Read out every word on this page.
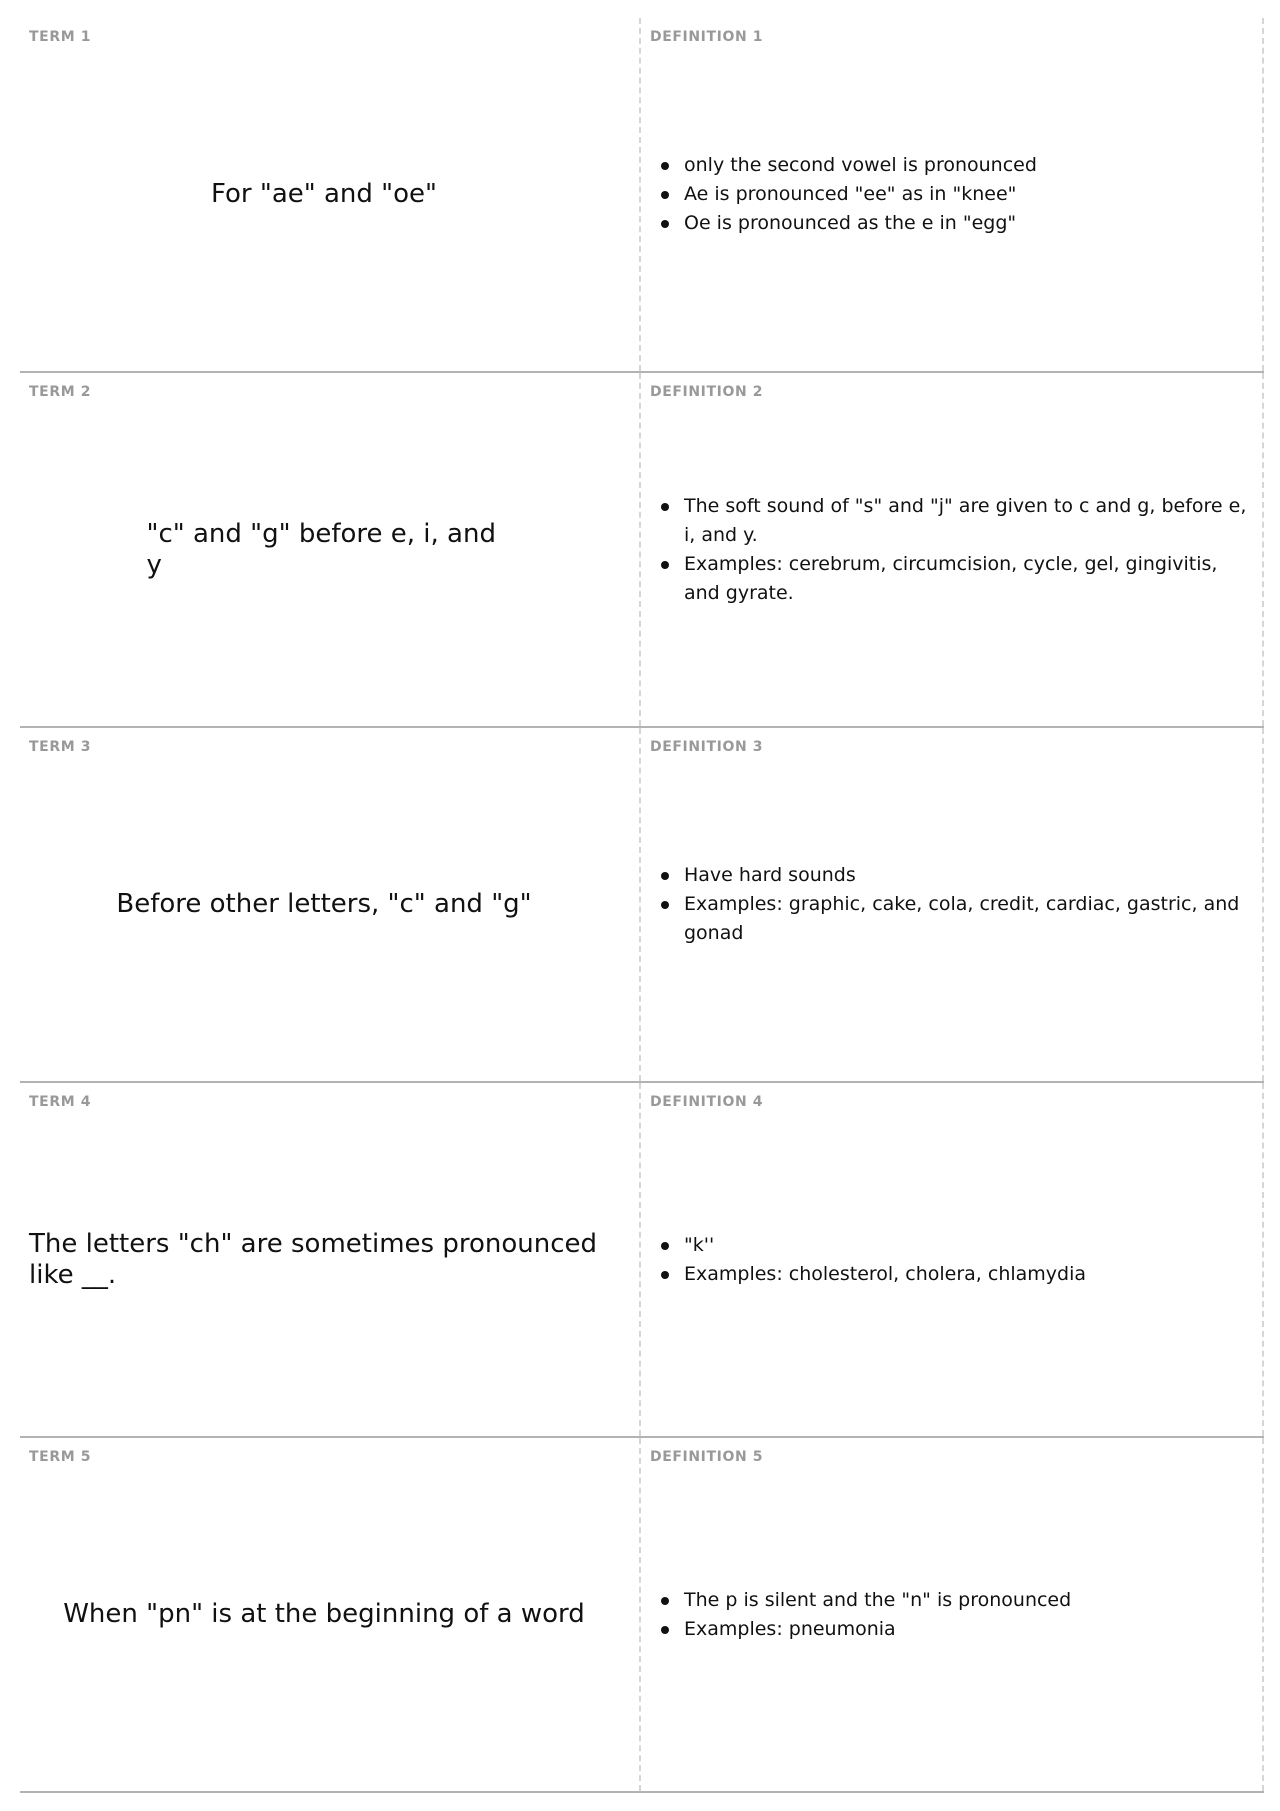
TERM 1
For "ae" and "oe"
DEFINITION 1
only the second vowel is pronounced
Ae is pronounced "ee" as in "knee"
Oe is pronounced as the e in "egg"
TERM 2
"c" and "g" before e, i, and y
DEFINITION 2
The soft sound of "s" and "j" are given to c and g, before e, i, and y.
Examples: cerebrum, circumcision, cycle, gel, gingivitis, and gyrate.
TERM 3
Before other letters, "c" and "g"
DEFINITION 3
Have hard sounds
Examples: graphic, cake, cola, credit, cardiac, gastric, and gonad
TERM 4
The letters "ch" are sometimes pronounced like __.
DEFINITION 4
"k''
Examples: cholesterol, cholera, chlamydia
TERM 5
When "pn" is at the beginning of a word
DEFINITION 5
The p is silent and the "n" is pronounced
Examples: pneumonia
